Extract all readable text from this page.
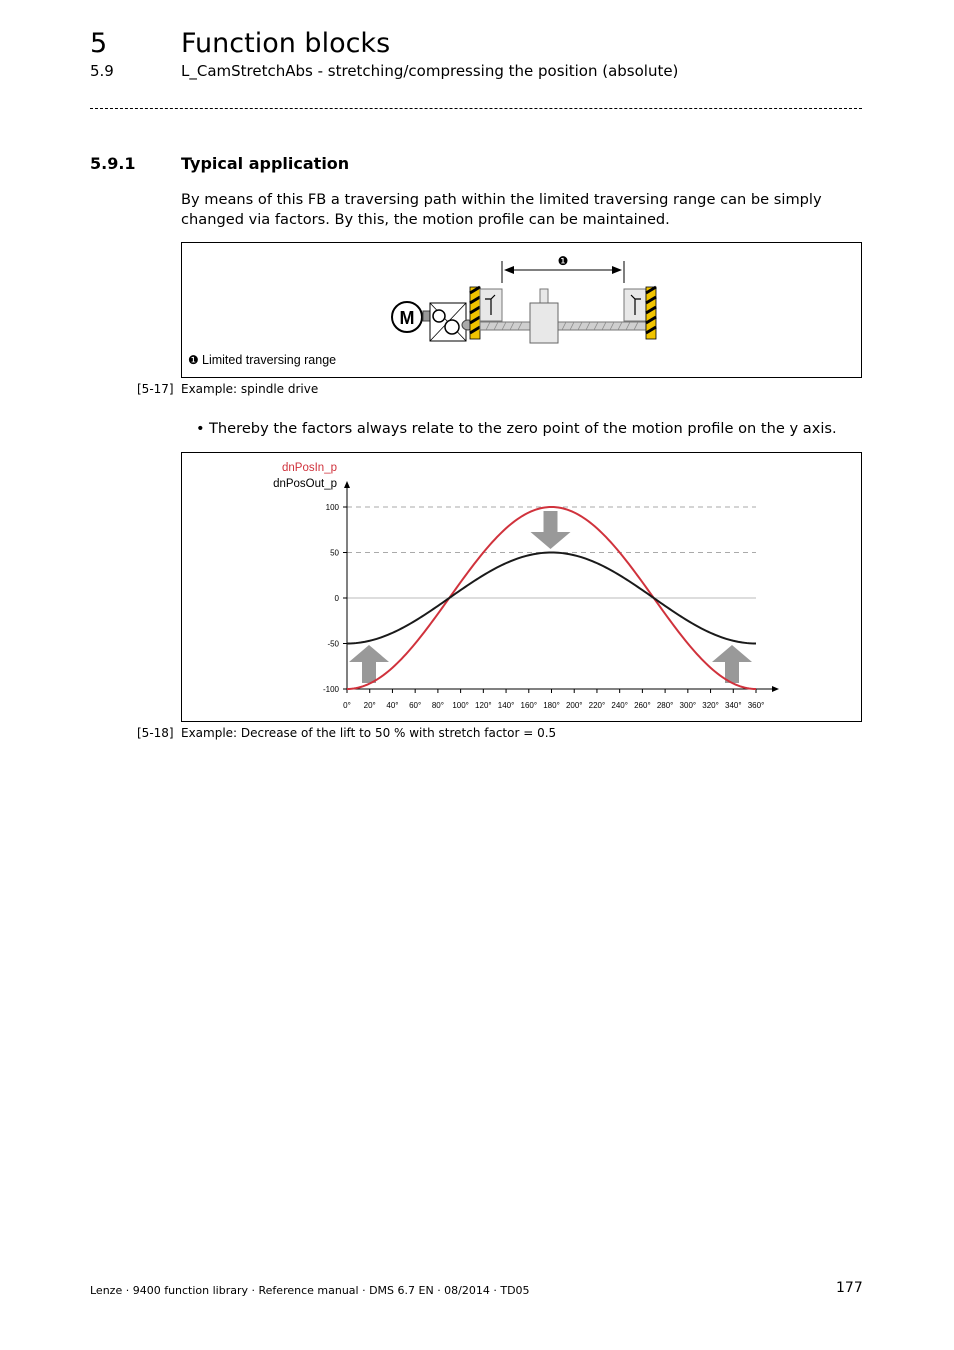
5	Function blocks
5.9	L_CamStretchAbs - stretching/compressing the position (absolute)
5.9.1	Typical application
By means of this FB a traversing path within the limited traversing range can be simply changed via factors. By this, the motion profile can be maintained.
❶
M
❶ Limited traversing range
[5-17] Example: spindle drive
• Thereby the factors always relate to the zero point of the motion profile on the y axis.
100
50
0
-50
-100
0° 20° 40° 60° 80° 100° 120° 140° 160° 180° 200° 220° 240° 260° 280° 300° 320° 340° 360°
dnPosIn_p
dnPosOut_p
[5-18] Example: Decrease of the lift to 50 % with stretch factor = 0.5
Lenze · 9400 function library · Reference manual · DMS 6.7 EN · 08/2014 · TD05	177
